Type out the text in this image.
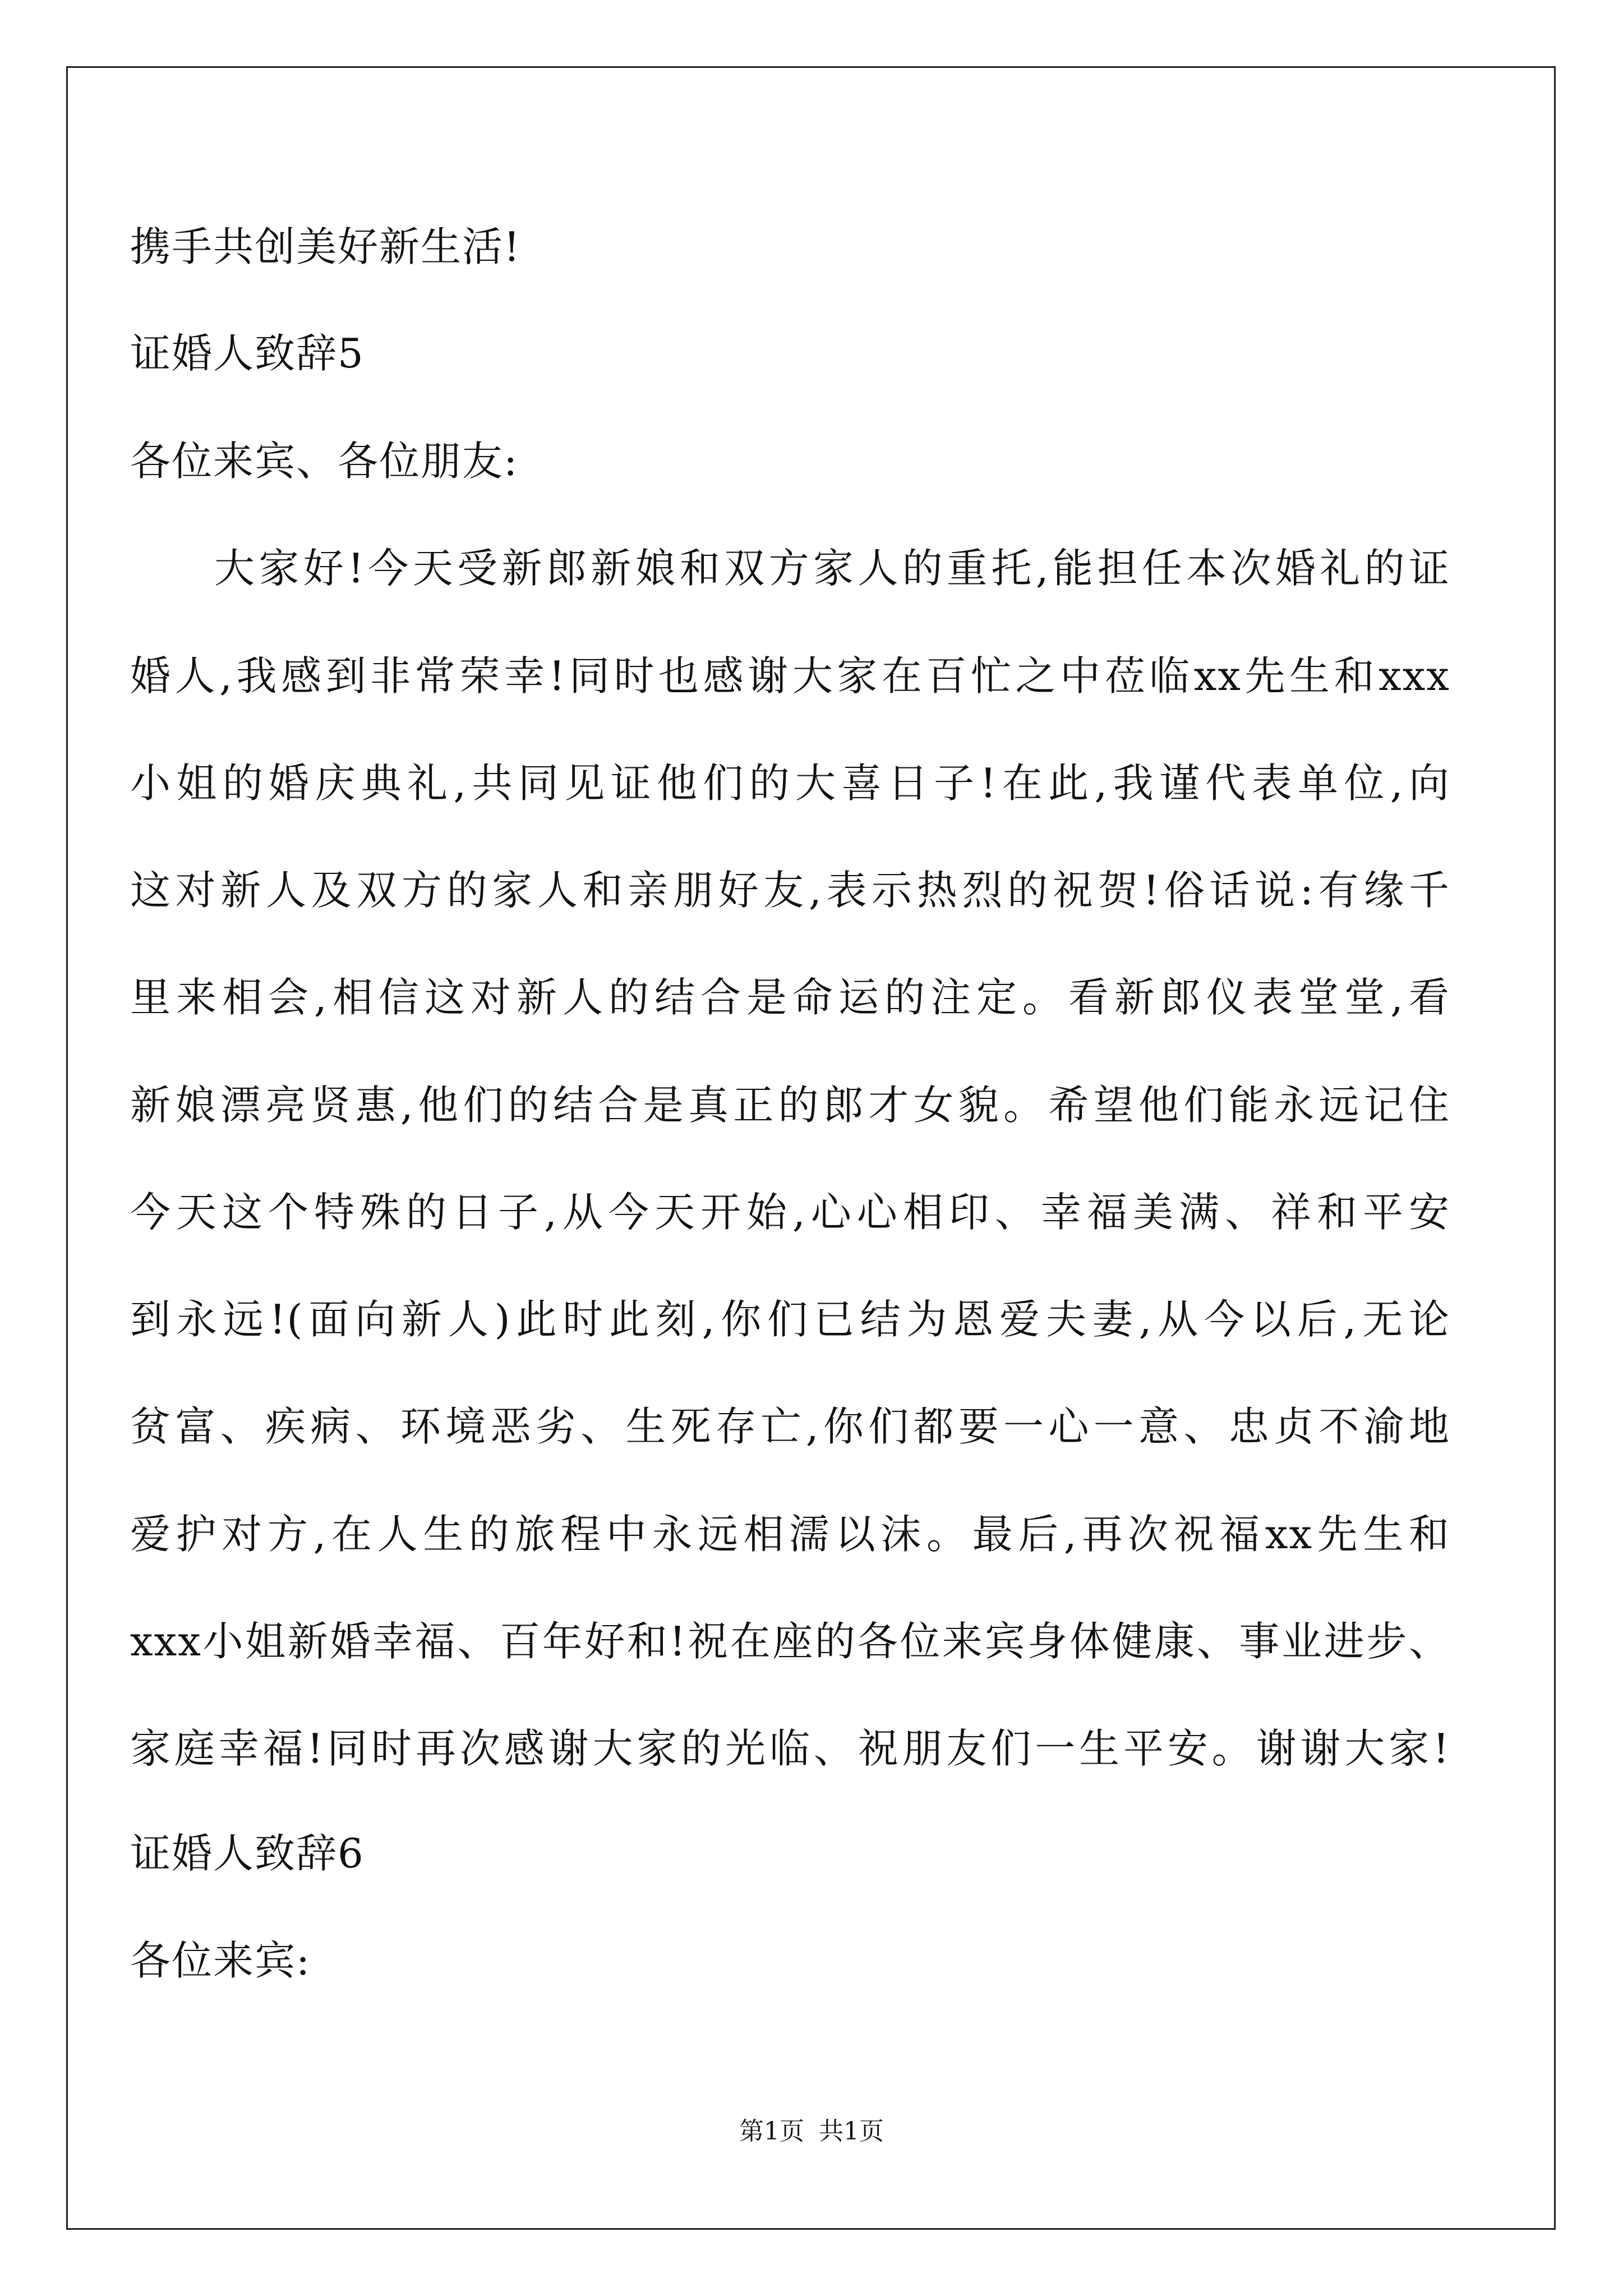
携手共创美好新生活!
证婚人致辞5
各位来宾、各位朋友:
大家好!今天受新郎新娘和双方家人的重托,能担任本次婚礼的证
婚人,我感到非常荣幸!同时也感谢大家在百忙之中莅临xx先生和xxx
小姐的婚庆典礼,共同见证他们的大喜日子!在此,我谨代表单位,向
这对新人及双方的家人和亲朋好友,表示热烈的祝贺!俗话说:有缘千
里来相会,相信这对新人的结合是命运的注定。看新郎仪表堂堂,看
新娘漂亮贤惠,他们的结合是真正的郎才女貌。希望他们能永远记住
今天这个特殊的日子,从今天开始,心心相印、幸福美满、祥和平安
到永远!(面向新人)此时此刻,你们已结为恩爱夫妻,从今以后,无论
贫富、疾病、环境恶劣、生死存亡,你们都要一心一意、忠贞不渝地
爱护对方,在人生的旅程中永远相濡以沫。最后,再次祝福xx先生和
xxx小姐新婚幸福、百年好和!祝在座的各位来宾身体健康、事业进步、
家庭幸福!同时再次感谢大家的光临、祝朋友们一生平安。谢谢大家!
证婚人致辞6
各位来宾:
第1页 共1页
